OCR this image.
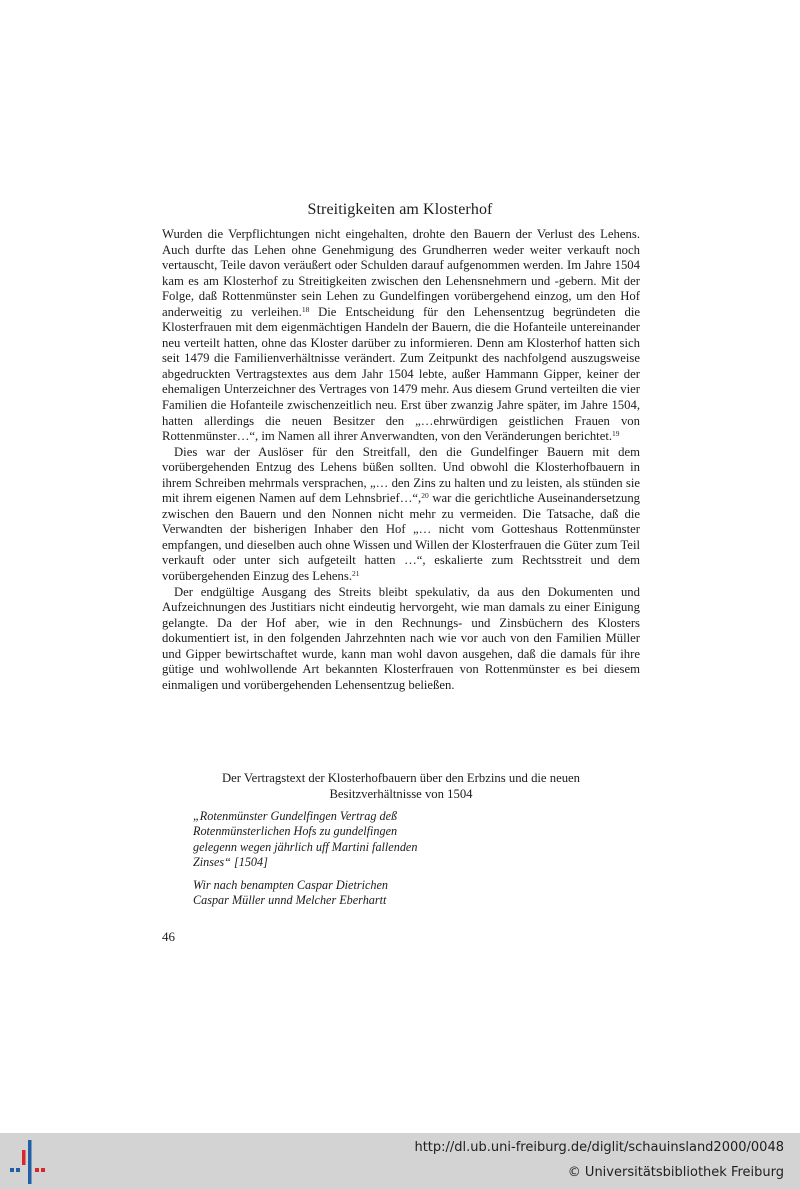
Streitigkeiten am Klosterhof

Wurden die Verpflichtungen nicht eingehalten, drohte den Bauern der Verlust des Lehens. Auch durfte das Lehen ohne Genehmigung des Grundherren weder weiter verkauft noch vertauscht, Teile davon veräußert oder Schulden darauf aufgenommen werden. Im Jahre 1504 kam es am Klosterhof zu Streitigkeiten zwischen den Lehensnehmern und -gebern. Mit der Folge, daß Rottenmünster sein Lehen zu Gundelfingen vorübergehend einzog, um den Hof anderweitig zu verleihen.$^{18}$ Die Entscheidung für den Lehensentzug begründeten die Klosterfrauen mit dem eigenmächtigen Handeln der Bauern, die die Hofanteile untereinander neu verteilt hatten, ohne das Kloster darüber zu informieren. Denn am Klosterhof hatten sich seit 1479 die Familienverhältnisse verändert. Zum Zeitpunkt des nachfolgend auszugsweise abgedruckten Vertragstextes aus dem Jahr 1504 lebte, außer Hammann Gipper, keiner der ehemaligen Unterzeichner des Vertrages von 1479 mehr. Aus diesem Grund verteilten die vier Familien die Hofanteile zwischenzeitlich neu. Erst über zwanzig Jahre später, im Jahre 1504, hatten allerdings die neuen Besitzer den „…ehrwürdigen geistlichen Frauen von Rottenmünster…“, im Namen all ihrer Anverwandten, von den Veränderungen berichtet.$^{19}$

Dies war der Auslöser für den Streitfall, den die Gundelfinger Bauern mit dem vorübergehenden Entzug des Lehens büßen sollten. Und obwohl die Klosterhofbauern in ihrem Schreiben mehrmals versprachen, „… den Zins zu halten und zu leisten, als stünden sie mit ihrem eigenen Namen auf dem Lehnsbrief…“,$^{20}$ war die gerichtliche Auseinandersetzung zwischen den Bauern und den Nonnen nicht mehr zu vermeiden. Die Tatsache, daß die Verwandten der bisherigen Inhaber den Hof „… nicht vom Gotteshaus Rottenmünster empfangen, und dieselben auch ohne Wissen und Willen der Klosterfrauen die Güter zum Teil verkauft oder unter sich aufgeteilt hatten …“, eskalierte zum Rechtsstreit und dem vorübergehenden Einzug des Lehens.$^{21}$

Der endgültige Ausgang des Streits bleibt spekulativ, da aus den Dokumenten und Aufzeichnungen des Justitiars nicht eindeutig hervorgeht, wie man damals zu einer Einigung gelangte. Da der Hof aber, wie in den Rechnungs- und Zinsbüchern des Klosters dokumentiert ist, in den folgenden Jahrzehnten nach wie vor auch von den Familien Müller und Gipper bewirtschaftet wurde, kann man wohl davon ausgehen, daß die damals für ihre gütige und wohlwollende Art bekannten Klosterfrauen von Rottenmünster es bei diesem einmaligen und vorübergehenden Lehensentzug beließen.

Der Vertragstext der Klosterhofbauern über den Erbzins und die neuen
Besitzverhältnisse von 1504
„Rotenmünster Gundelfingen Vertrag deß
Rotenmünsterlichen Hofs zu gundelfingen
gelegenn wegen jährlich uff Martini fallenden
Zinses“ [1504]
Wir nach benampten Caspar Dietrichen
Caspar Müller unnd Melcher Eberhartt
46
http://dl.ub.uni-freiburg.de/diglit/schauinsland2000/0048
© Universitätsbibliothek Freiburg
